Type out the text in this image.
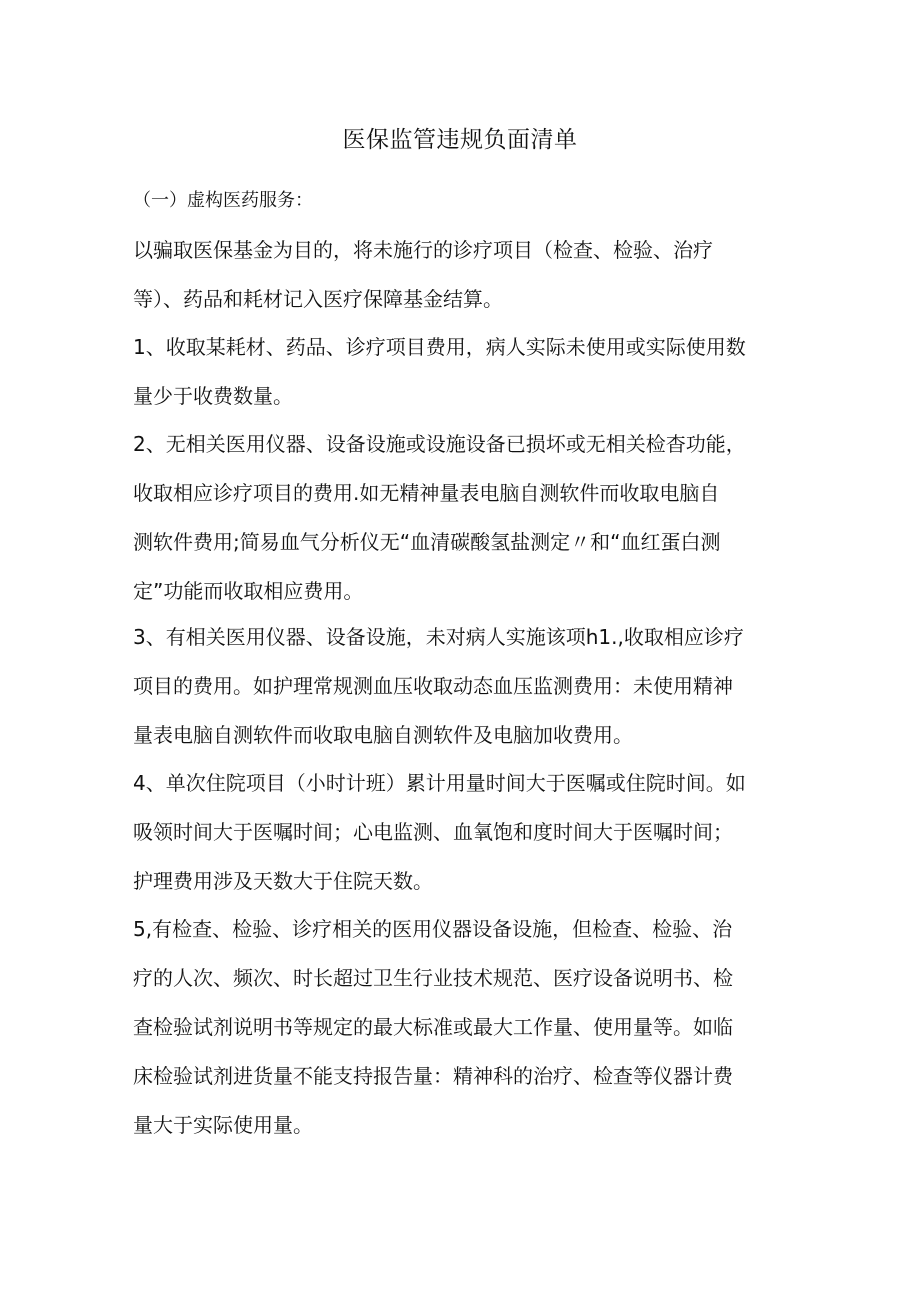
医保监管违规负面清单

（一）虚构医药服务：

以骗取医保基金为目的，将未施行的诊疗项目（检查、检验、治疗
等）、药品和耗材记入医疗保障基金结算。
1、收取某耗材、药品、诊疗项目费用，病人实际未使用或实际使用数
量少于收费数量。
2、无相关医用仪器、设备设施或设施设备已损坏或无相关检杳功能，
收取相应诊疗项目的费用.如无精神量表电脑自测软件而收取电脑自
测软件费用;简易血气分析仪无“血清碳酸氢盐测定〃和“血红蛋白测
定”功能而收取相应费用。
3、有相关医用仪器、设备设施，未对病人实施该项h1.,收取相应诊疗
项目的费用。如护理常规测血压收取动态血压监测费用：未使用精神
量表电脑自测软件而收取电脑自测软件及电脑加收费用。
4、单次住院项目（小时计班）累计用量时间大于医嘱或住院时间。如
吸领时间大于医嘱时间；心电监测、血氧饱和度时间大于医嘱时间；
护理费用涉及天数大于住院天数。
5,有检查、检验、诊疗相关的医用仪器设备设施，但检查、检验、治
疗的人次、频次、时长超过卫生行业技术规范、医疗设备说明书、检
查检验试剂说明书等规定的最大标准或最大工作量、使用量等。如临
床检验试剂进货量不能支持报告量：精神科的治疗、检查等仪器计费
量大于实际使用量。
